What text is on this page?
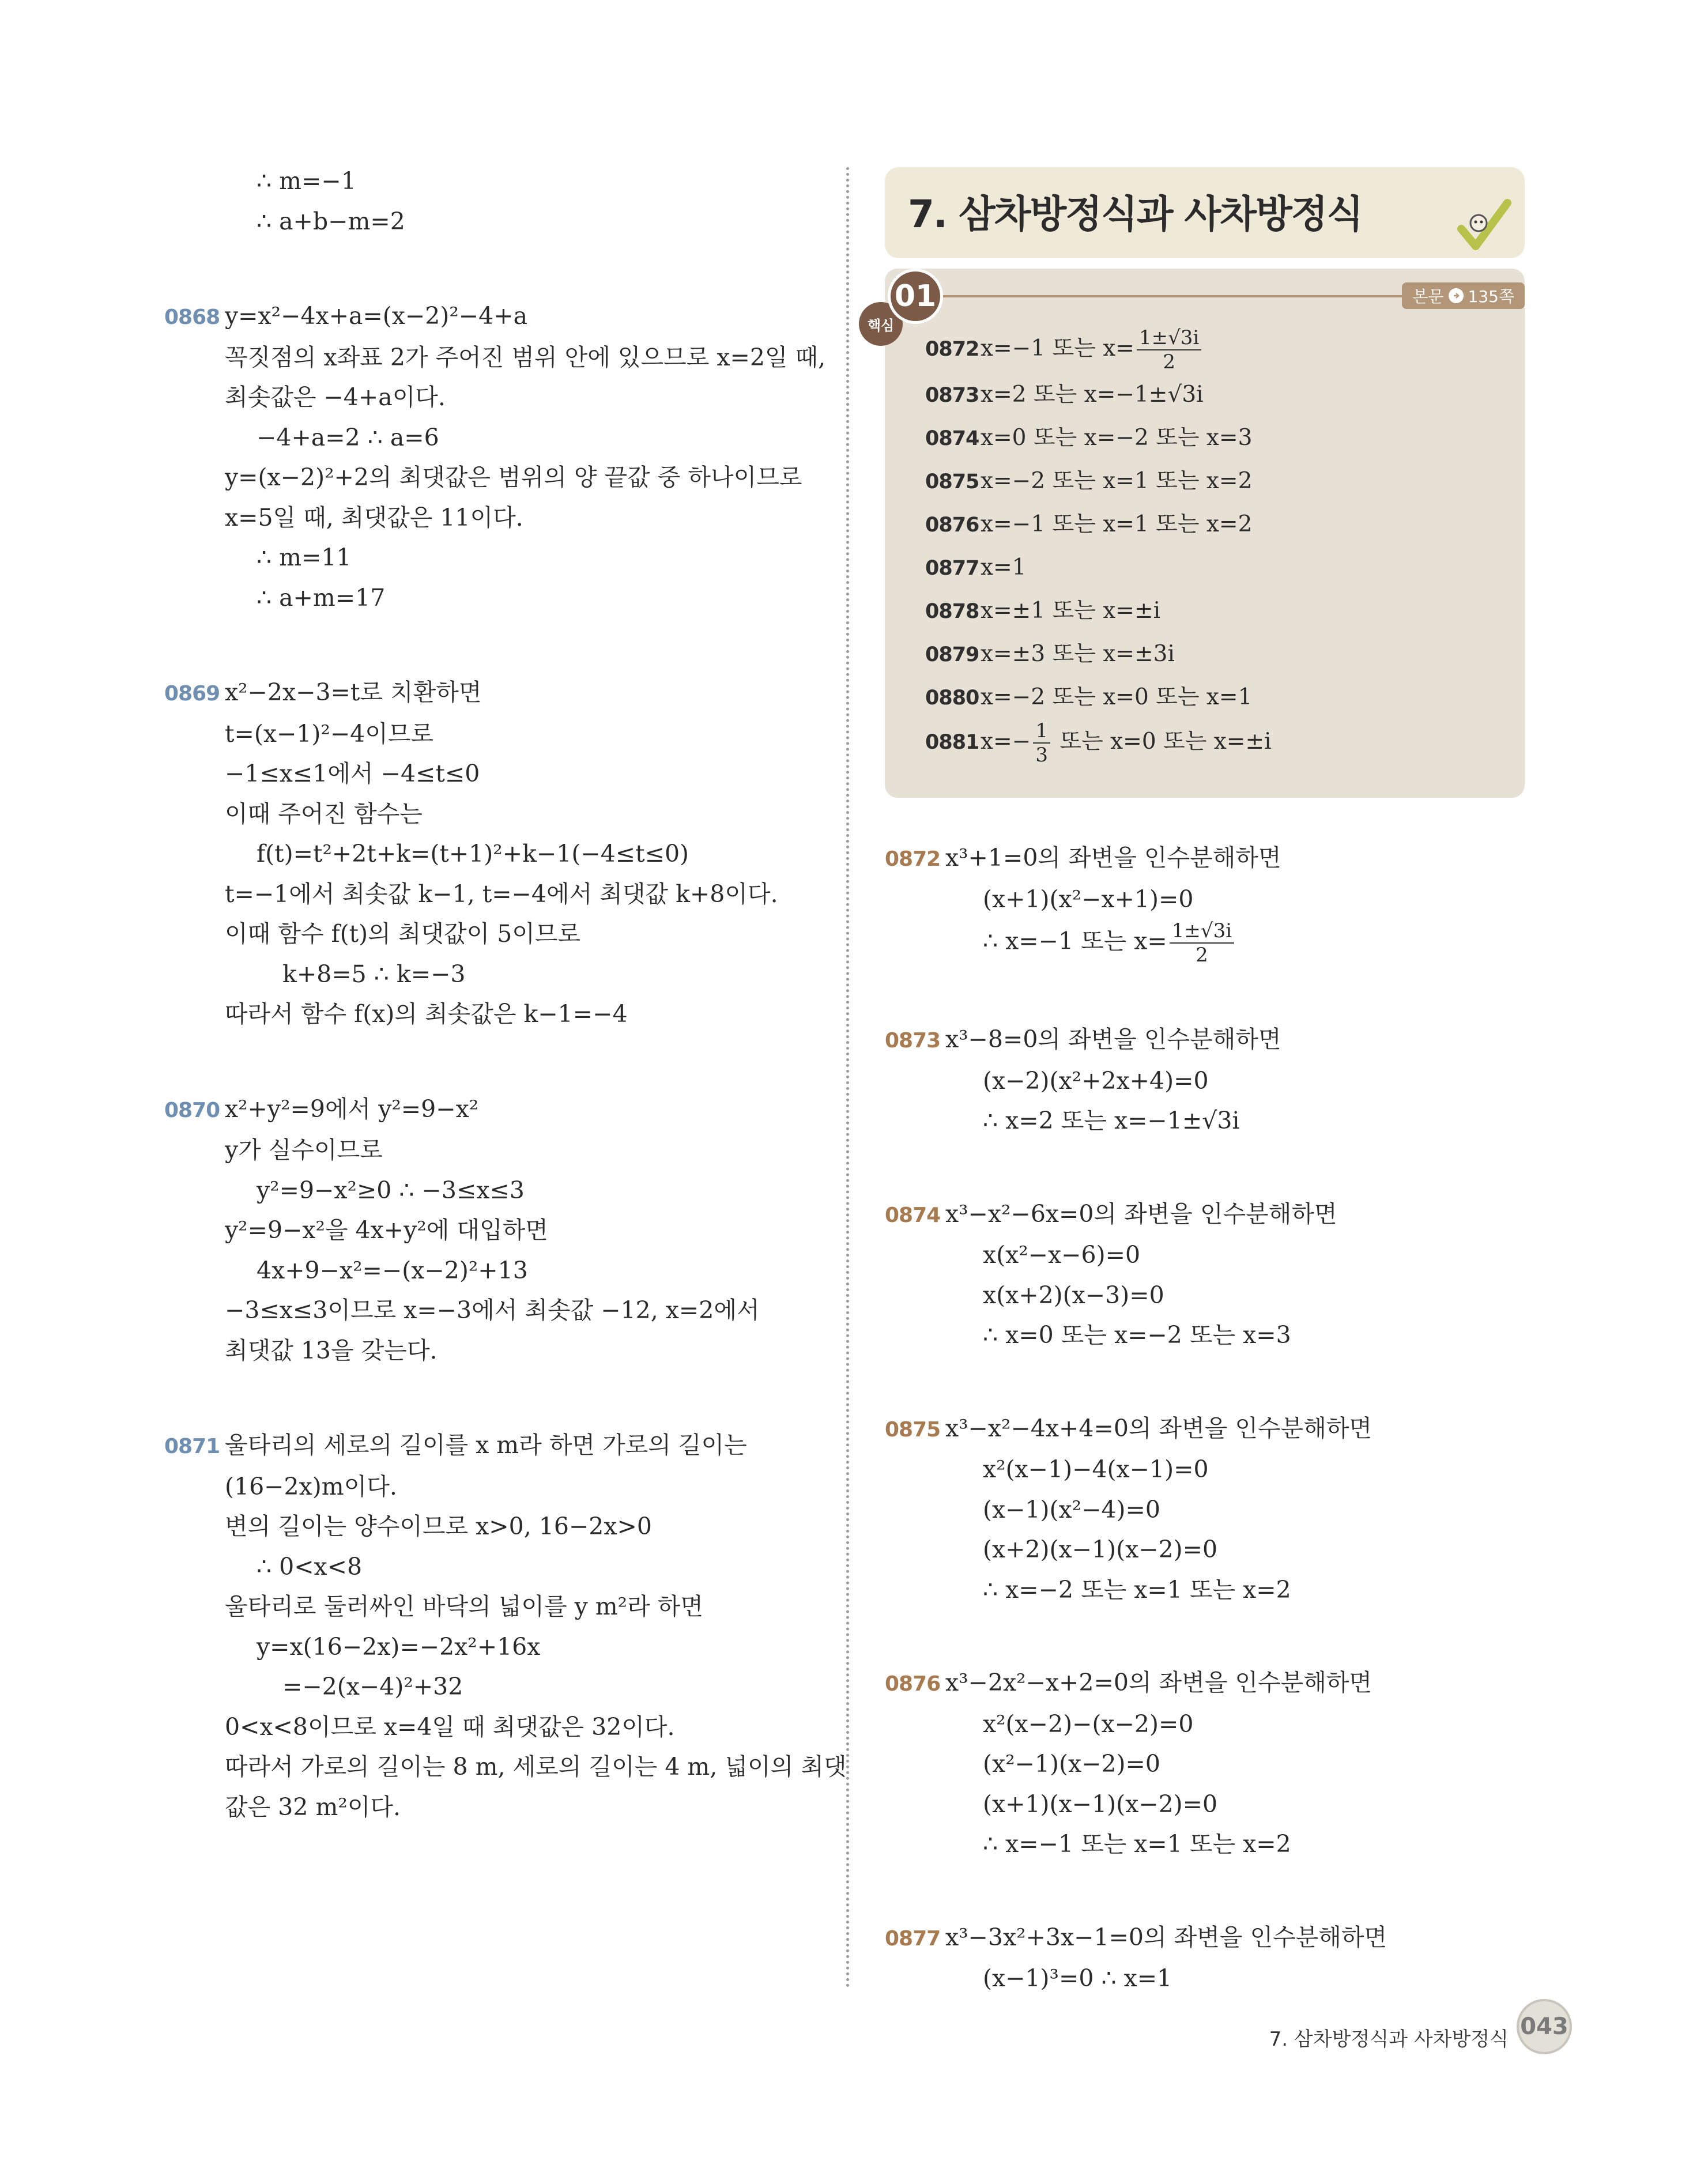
∴ m=−1
∴ a+b−m=2
0868 y=x²−4x+a=(x−2)²−4+a
꼭짓점의 x좌표 2가 주어진 범위 안에 있으므로 x=2일 때,
최솟값은 −4+a이다.
−4+a=2 ∴ a=6
y=(x−2)²+2의 최댓값은 범위의 양 끝값 중 하나이므로
x=5일 때, 최댓값은 11이다.
∴ m=11
∴ a+m=17
0869 x²−2x−3=t로 치환하면
t=(x−1)²−4이므로
−1≤x≤1에서 −4≤t≤0
이때 주어진 함수는
f(t)=t²+2t+k=(t+1)²+k−1(−4≤t≤0)
t=−1에서 최솟값 k−1, t=−4에서 최댓값 k+8이다.
이때 함수 f(t)의 최댓값이 5이므로
k+8=5 ∴ k=−3
따라서 함수 f(x)의 최솟값은 k−1=−4
0870 x²+y²=9에서 y²=9−x²
y가 실수이므로
y²=9−x²≥0 ∴ −3≤x≤3
y²=9−x²을 4x+y²에 대입하면
4x+9−x²=−(x−2)²+13
−3≤x≤3이므로 x=−3에서 최솟값 −12, x=2에서
최댓값 13을 갖는다.
0871 울타리의 세로의 길이를 x m라 하면 가로의 길이는
(16−2x)m이다.
변의 길이는 양수이므로 x>0, 16−2x>0
∴ 0<x<8
울타리로 둘러싸인 바닥의 넓이를 y m²라 하면
y=x(16−2x)=−2x²+16x
=−2(x−4)²+32
0<x<8이므로 x=4일 때 최댓값은 32이다.
따라서 가로의 길이는 8 m, 세로의 길이는 4 m, 넓이의 최댓
값은 32 m²이다.
7. 삼차방정식과 사차방정식
핵심
01	본문 135쪽
0872x=−1 또는 $x= \frac{1\pm√3i}{2}$
0873x=2 또는 x=−1±√3i
0874x=0 또는 x=−2 또는 x=3
0875x=−2 또는 x=1 또는 x=2
0876x=−1 또는 x=1 또는 x=2
0877x=1
0878x=±1 또는 x=±i
0879x=±3 또는 x=±3i
0880x=−2 또는 x=0 또는 x=1
$0881x=- \frac{1}{3}$ 또는 x=0 또는 x=±i
0872 x³+1=0의 좌변을 인수분해하면
(x+1)(x²−x+1)=0
∴ x=−1 또는 $x= \frac{1\pm√3i}{2}$
0873 x³−8=0의 좌변을 인수분해하면
(x−2)(x²+2x+4)=0
∴ x=2 또는 x=−1±√3i
0874 x³−x²−6x=0의 좌변을 인수분해하면
x(x²−x−6)=0
x(x+2)(x−3)=0
∴ x=0 또는 x=−2 또는 x=3
0875 x³−x²−4x+4=0의 좌변을 인수분해하면
x²(x−1)−4(x−1)=0
(x−1)(x²−4)=0
(x+2)(x−1)(x−2)=0
∴ x=−2 또는 x=1 또는 x=2
0876 x³−2x²−x+2=0의 좌변을 인수분해하면
x²(x−2)−(x−2)=0
(x²−1)(x−2)=0
(x+1)(x−1)(x−2)=0
∴ x=−1 또는 x=1 또는 x=2
0877 x³−3x²+3x−1=0의 좌변을 인수분해하면
(x−1)³=0 ∴ x=1
7. 삼차방정식과 사차방정식 043
